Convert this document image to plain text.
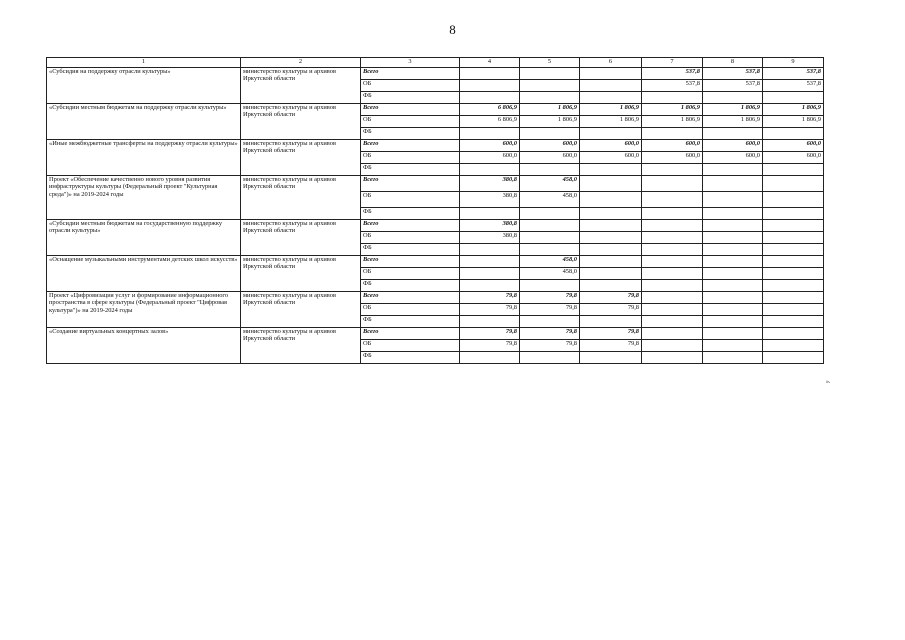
8
1	2	3	4	5	6	7	8	9
«Субсидия на поддержку отрасли культуры»	министерство культуры и архивов Иркутской области	Всего				537,8	537,8	537,8
		ОБ				537,8	537,8	537,8
		ФБ						
«Субсидии местным бюджетам на поддержку отрасли культуры»	министерство культуры и архивов Иркутской области	Всего	6 806,9	1 806,9	1 806,9	1 806,9	1 806,9	1 806,9
		ОБ	6 806,9	1 806,9	1 806,9	1 806,9	1 806,9	1 806,9
		ФБ						
«Иные межбюджетные трансферты на поддержку отрасли культуры»	министерство культуры и архивов Иркутской области	Всего	600,0	600,0	600,0	600,0	600,0	600,0
		ОБ	600,0	600,0	600,0	600,0	600,0	600,0
		ФБ						
Проект «Обеспечение качественно нового уровня развития инфраструктуры культуры (Федеральный проект "Культурная среда")» на 2019-2024 годы	министерство культуры и архивов Иркутской области	Всего	380,8	458,0				
		ОБ	380,8	458,0				
		ФБ						
«Субсидии местным бюджетам на государственную поддержку отрасли культуры»	министерство культуры и архивов Иркутской области	Всего	380,8					
		ОБ	380,8					
		ФБ						
«Оснащение музыкальными инструментами детских школ искусств»	министерство культуры и архивов Иркутской области	Всего		458,0				
		ОБ		458,0				
		ФБ						
Проект «Цифровизация услуг и формирование информационного пространства в сфере культуры (Федеральный проект "Цифровая культура")» на 2019-2024 годы	министерство культуры и архивов Иркутской области	Всего	79,8	79,8	79,8			
		ОБ	79,8	79,8	79,8			
		ФБ						
«Создание виртуальных концертных залов»	министерство культуры и архивов Иркутской области	Всего	79,8	79,8	79,8			
		ОБ	79,8	79,8	79,8			
		ФБ						
».
